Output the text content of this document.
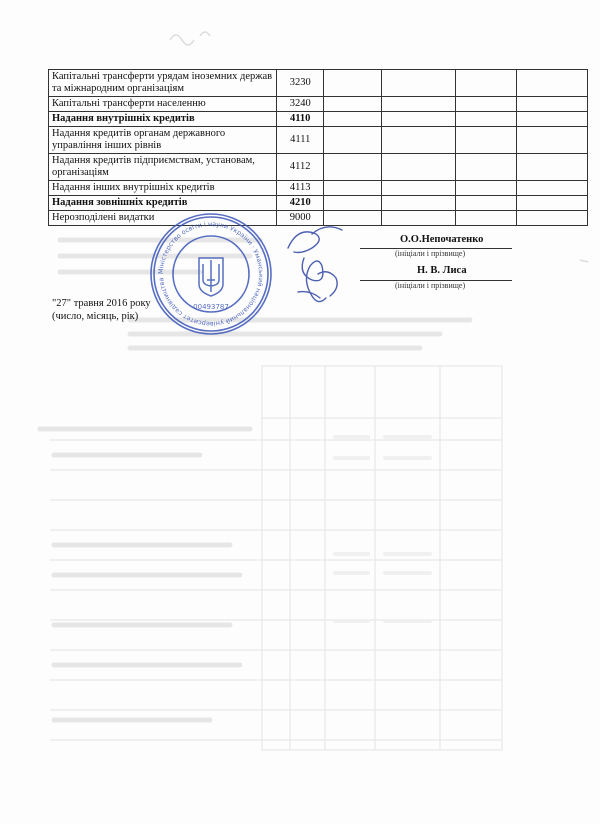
Капітальні трансферти урядам іноземних держав та міжнародним організаціям	3230				
Капітальні трансферти населенню	3240				
Надання внутрішніх кредитів	4110				
Надання кредитів органам державного управління інших рівнів	4111				
Надання кредитів підприємствам, установам, організаціям	4112				
Надання інших внутрішніх кредитів	4113				
Надання зовнішніх кредитів	4210				
Нерозподілені видатки	9000				
Міністерство освіти і науки України · Уманський національний університет садівництва
00493787
О.О.Непочатенко
(ініціали і прізвище)
Н. В. Лиса
(ініціали і прізвище)
"27" травня 2016 року
(число, місяць, рік)
